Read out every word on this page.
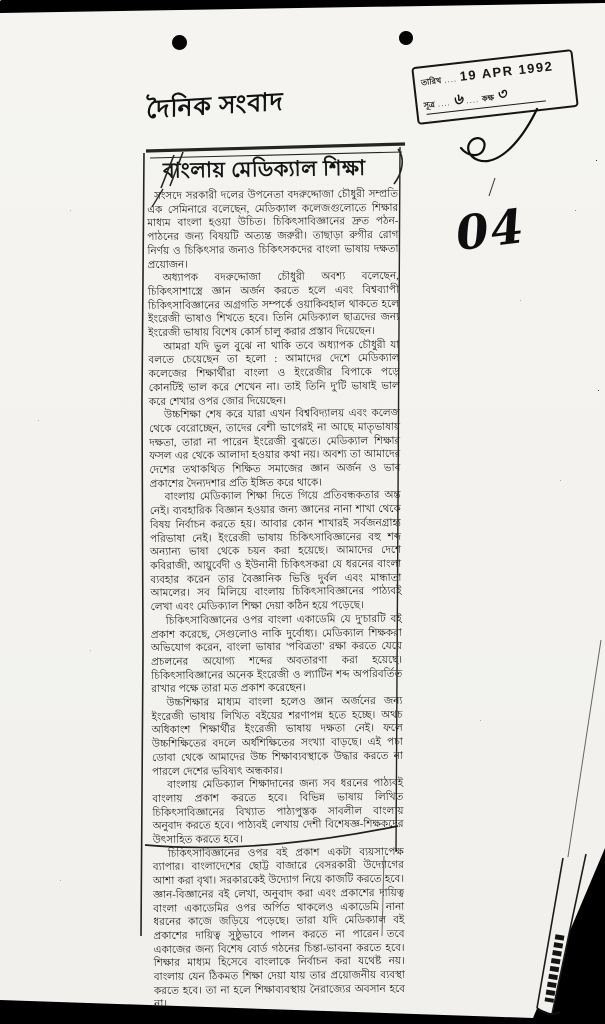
দৈনিক সংবাদ
তারিখ .... 19 APR 1992
সূত্র .... ৬ .... কক্ষ ৩
04
বাংলায় মেডিক্যাল শিক্ষা

সংসদে সরকারী দলের উপনেতা বদরুদ্দোজা চৌধুরী সম্প্রতি এক সেমিনারে বলেছেন, মেডিক্যাল কলেজগুলোতে শিক্ষার মাধ্যম বাংলা হওয়া উচিত। চিকিৎসাবিজ্ঞানের দ্রুত পঠন-পাঠনের জন্য বিষয়টি অত্যন্ত জরুরী। তাছাড়া রুগীর রোগ নির্ণয় ও চিকিৎসার জন্যও চিকিৎসকদের বাংলা ভাষায় দক্ষতা প্রয়োজন।

অধ্যাপক বদরুদ্দোজা চৌধুরী অবশ্য বলেছেন, চিকিৎসাশাস্ত্রে জ্ঞান অর্জন করতে হলে এবং বিশ্বব্যাপী চিকিৎসাবিজ্ঞানের অগ্রগতি সম্পর্কে ওয়াকিবহাল থাকতে হলে ইংরেজী ভাষাও শিখতে হবে। তিনি মেডিক্যাল ছাত্রদের জন্য ইংরেজী ভাষায় বিশেষ কোর্স চালু করার প্রস্তাব দিয়েছেন।

আমরা যদি ভুল বুঝে না থাকি তবে অধ্যাপক চৌধুরী যা বলতে চেয়েছেন তা হলো : আমাদের দেশে মেডিক্যাল কলেজের শিক্ষার্থীরা বাংলা ও ইংরেজীর বিপাকে পড়ে কোনটিই ভাল করে শেখেন না। তাই তিনি দু'টি ভাষাই ভাল করে শেখার ওপর জোর দিয়েছেন।

উচ্চশিক্ষা শেষ করে যারা এখন বিশ্ববিদ্যালয় এবং কলেজ থেকে বেরোচ্ছেন, তাদের বেশী ভাগেরই না আছে মাতৃভাষায় দক্ষতা, তারা না পারেন ইংরেজী বুঝতে। মেডিক্যাল শিক্ষার ফসল এর থেকে আলাদা হওয়ার কথা নয়। অবশ্য তা আমাদের দেশের তথাকথিত শিক্ষিত সমাজের জ্ঞান অর্জন ও ভাব প্রকাশের দৈন্যদশার প্রতি ইঙ্গিত করে থাকে।

বাংলায় মেডিক্যাল শিক্ষা দিতে গিয়ে প্রতিবন্ধকতার অন্ত নেই। ব্যবহারিক বিজ্ঞান হওয়ার জন্য জ্ঞানের নানা শাখা থেকে বিষয় নির্বাচন করতে হয়। আবার কোন শাখারই সর্বজনগ্রাহ্য পরিভাষা নেই। ইংরেজী ভাষায় চিকিৎসাবিজ্ঞানের বহু শব্দ অন্যান্য ভাষা থেকে চয়ন করা হয়েছে। আমাদের দেশে কবিরাজী, আয়ুর্বেদী ও ইউনানী চিকিৎসকরা যে ধরনের বাংলা ব্যবহার করেন তার বৈজ্ঞানিক ভিত্তি দুর্বল এবং মান্ধাতা আমলের। সব মিলিয়ে বাংলায় চিকিৎসাবিজ্ঞানের পাঠ্যবই লেখা এবং মেডিক্যাল শিক্ষা দেয়া কঠিন হয়ে পড়েছে।

চিকিৎসাবিজ্ঞানের ওপর বাংলা একাডেমি যে দু'চারটি বই প্রকাশ করেছে, সেগুলোও নাকি দুর্বোধ্য। মেডিক্যাল শিক্ষকরা অভিযোগ করেন, বাংলা ভাষার 'পবিত্রতা' রক্ষা করতে যেয়ে প্রচলনের অযোগ্য শব্দের অবতারণা করা হয়েছে। চিকিৎসাবিজ্ঞানের অনেক ইংরেজী ও ল্যাটিন শব্দ অপরিবর্তিত রাখার পক্ষে তারা মত প্রকাশ করেছেন।

উচ্চশিক্ষার মাধ্যম বাংলা হলেও জ্ঞান অর্জনের জন্য ইংরেজী ভাষায় লিখিত বইয়ের শরণাপন্ন হতে হচ্ছে। অথচ অধিকাংশ শিক্ষার্থীর ইংরেজী ভাষায় দক্ষতা নেই। ফলে উচ্চশিক্ষিতের বদলে অর্ধশিক্ষিতের সংখ্যা বাড়ছে। এই পচা ডোবা থেকে আমাদের উচ্চ শিক্ষাব্যবস্থাকে উদ্ধার করতে না পারলে দেশের ভবিষ্যৎ অন্ধকার।

বাংলায় মেডিক্যাল শিক্ষাদানের জন্য সব ধরনের পাঠ্যবই বাংলায় প্রকাশ করতে হবে। বিভিন্ন ভাষায় লিখিত চিকিৎসাবিজ্ঞানের বিখ্যাত পাঠ্যপুস্তক সাবলীল বাংলায় অনুবাদ করতে হবে। পাঠ্যবই লেখায় দেশী বিশেষজ্ঞ-শিক্ষকদের উৎসাহিত করতে হবে।

চিকিৎসাবিজ্ঞানের ওপর বই প্রকাশ একটা ব্যয়সাপেক্ষ ব্যাপার। বাংলাদেশের ছোট্ট বাজারে বেসরকারী উদ্যোগের আশা করা বৃথা। সরকারকেই উদ্যোগ নিয়ে কাজটি করতে হবে। জ্ঞান-বিজ্ঞানের বই লেখা, অনুবাদ করা এবং প্রকাশের দায়িত্ব বাংলা একাডেমির ওপর অর্পিত থাকলেও একাডেমি নানা ধরনের কাজে জড়িয়ে পড়েছে। তারা যদি মেডিক্যাল বই প্রকাশের দায়িত্ব সুষ্ঠুভাবে পালন করতে না পারেন তবে একাজের জন্য বিশেষ বোর্ড গঠনের চিন্তা-ভাবনা করতে হবে। শিক্ষার মাধ্যম হিসেবে বাংলাকে নির্বাচন করা যথেষ্ট নয়। বাংলায় যেন ঠিকমত শিক্ষা দেয়া যায় তার প্রয়োজনীয় ব্যবস্থা করতে হবে। তা না হলে শিক্ষাব্যবস্থায় নৈরাজ্যের অবসান হবে না।
